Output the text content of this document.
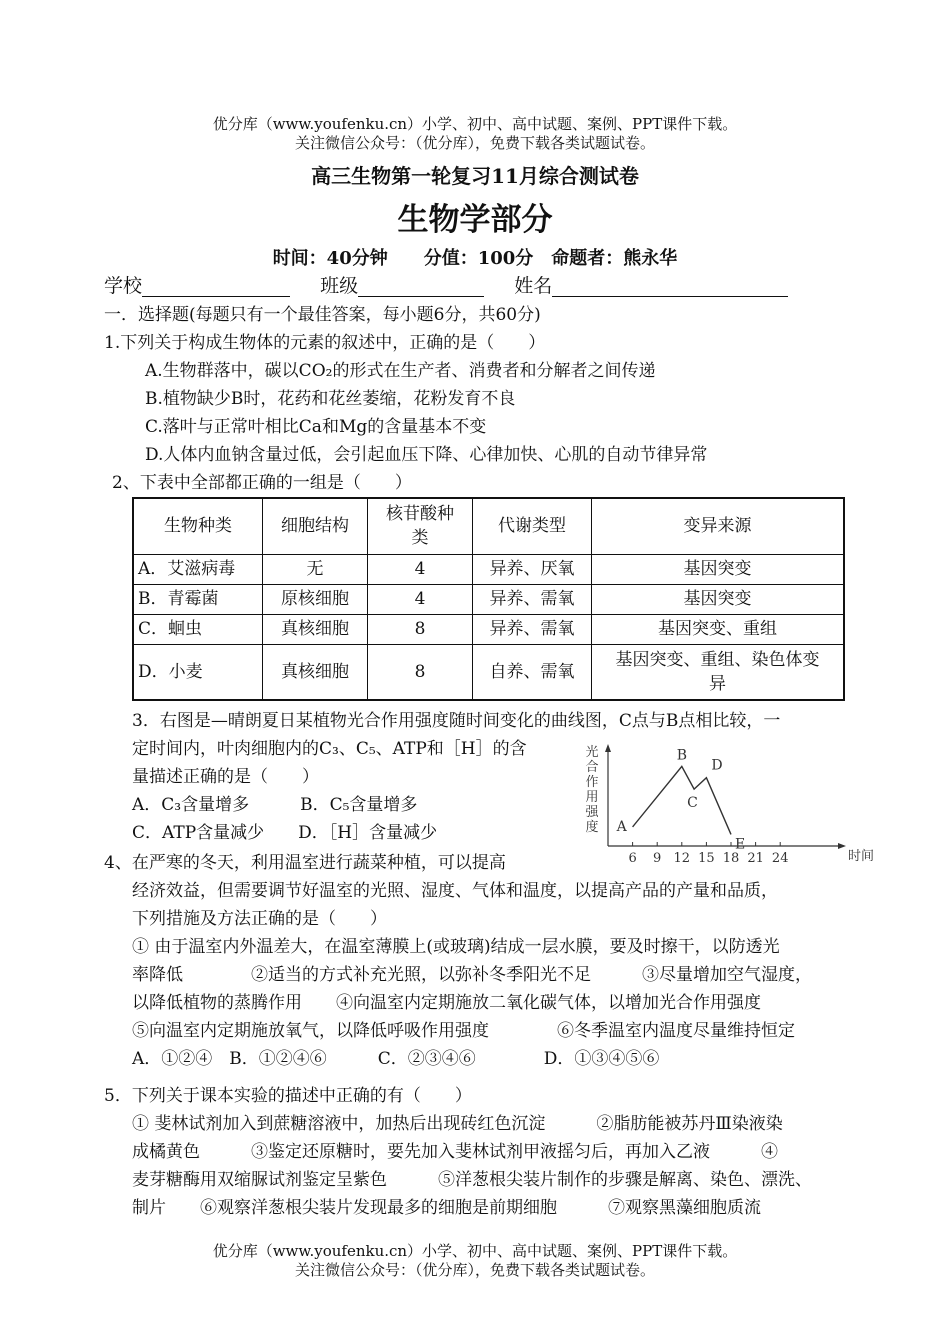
优分库（www.youfenku.cn）小学、初中、高中试题、案例、PPT课件下载。
关注微信公众号：（优分库），免费下载各类试题试卷。
高三生物第一轮复习11月综合测试卷
生物学部分
时间：40分钟　　分值：100分　命题者：熊永华
学校	班级	姓名
一．选择题(每题只有一个最佳答案，每小题6分，共60分)
1.下列关于构成生物体的元素的叙述中，正确的是（　　）
A.生物群落中，碳以CO₂的形式在生产者、消费者和分解者之间传递
B.植物缺少B时，花药和花丝萎缩，花粉发育不良
C.落叶与正常叶相比Ca和Mg的含量基本不变
D.人体内血钠含量过低，会引起血压下降、心律加快、心肌的自动节律异常
2、下表中全部都正确的一组是（　　）
生物种类	细胞结构	核苷酸种类	代谢类型	变异来源
A．艾滋病毒	无	4	异养、厌氧	基因突变
B．青霉菌	原核细胞	4	异养、需氧	基因突变
C．蛔虫	真核细胞	8	异养、需氧	基因突变、重组
D．小麦	真核细胞	8	自养、需氧	基因突变、重组、染色体变异
3．右图是—晴朗夏日某植物光合作用强度随时间变化的曲线图，C点与B点相比较，一
定时间内，叶肉细胞内的C₃、C₅、ATP和［H］的含
量描述正确的是（　　）
A．C₃含量增多　　　B．C₅含量增多
C．ATP含量减少　　D．［H］含量减少
光
合
作
用
强
度
时间
6 9 12 15 18 21 24
A
B
C
D
E
4、在严寒的冬天，利用温室进行蔬菜种植，可以提高
经济效益，但需要调节好温室的光照、湿度、气体和温度，以提高产品的产量和品质，
下列措施及方法正确的是（　　）
① 由于温室内外温差大，在温室薄膜上(或玻璃)结成一层水膜，要及时擦干，以防透光
率降低　　　　②适当的方式补充光照，以弥补冬季阳光不足　　　③尽量增加空气湿度，
以降低植物的蒸腾作用　　④向温室内定期施放二氧化碳气体，以增加光合作用强度
⑤向温室内定期施放氧气，以降低呼吸作用强度　　　　⑥冬季温室内温度尽量维持恒定
A．①②④　B．①②④⑥　　　C．②③④⑥　　　　D．①③④⑤⑥
5．下列关于课本实验的描述中正确的有（　　）
① 斐林试剂加入到蔗糖溶液中，加热后出现砖红色沉淀　　　②脂肪能被苏丹Ⅲ染液染
成橘黄色　　　③鉴定还原糖时，要先加入斐林试剂甲液摇匀后，再加入乙液　　　④
麦芽糖酶用双缩脲试剂鉴定呈紫色　　　⑤洋葱根尖装片制作的步骤是解离、染色、漂洗、
制片　　⑥观察洋葱根尖装片发现最多的细胞是前期细胞　　　⑦观察黑藻细胞质流
优分库（www.youfenku.cn）小学、初中、高中试题、案例、PPT课件下载。
关注微信公众号：（优分库），免费下载各类试题试卷。
